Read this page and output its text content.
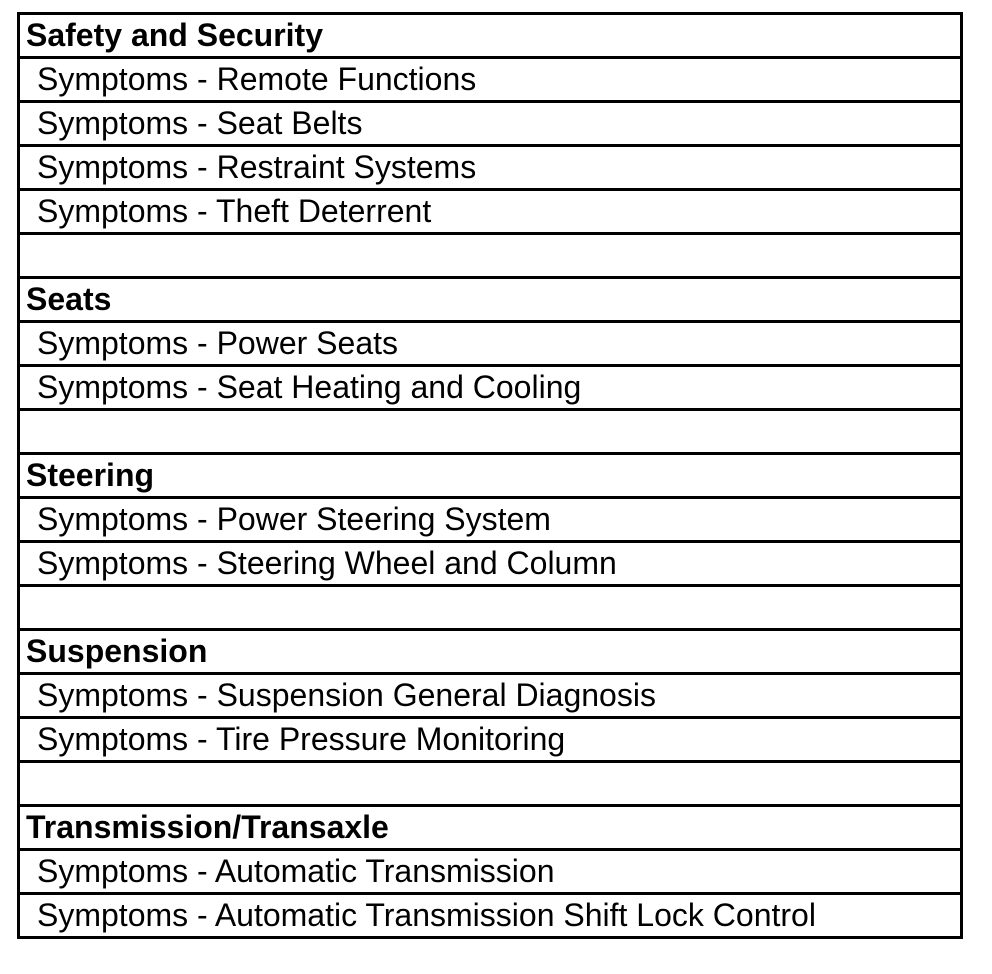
Safety and Security
Symptoms - Remote Functions
Symptoms - Seat Belts
Symptoms - Restraint Systems
Symptoms - Theft Deterrent

Seats
Symptoms - Power Seats
Symptoms - Seat Heating and Cooling

Steering
Symptoms - Power Steering System
Symptoms - Steering Wheel and Column

Suspension
Symptoms - Suspension General Diagnosis
Symptoms - Tire Pressure Monitoring

Transmission/Transaxle
Symptoms - Automatic Transmission
Symptoms - Automatic Transmission Shift Lock Control
